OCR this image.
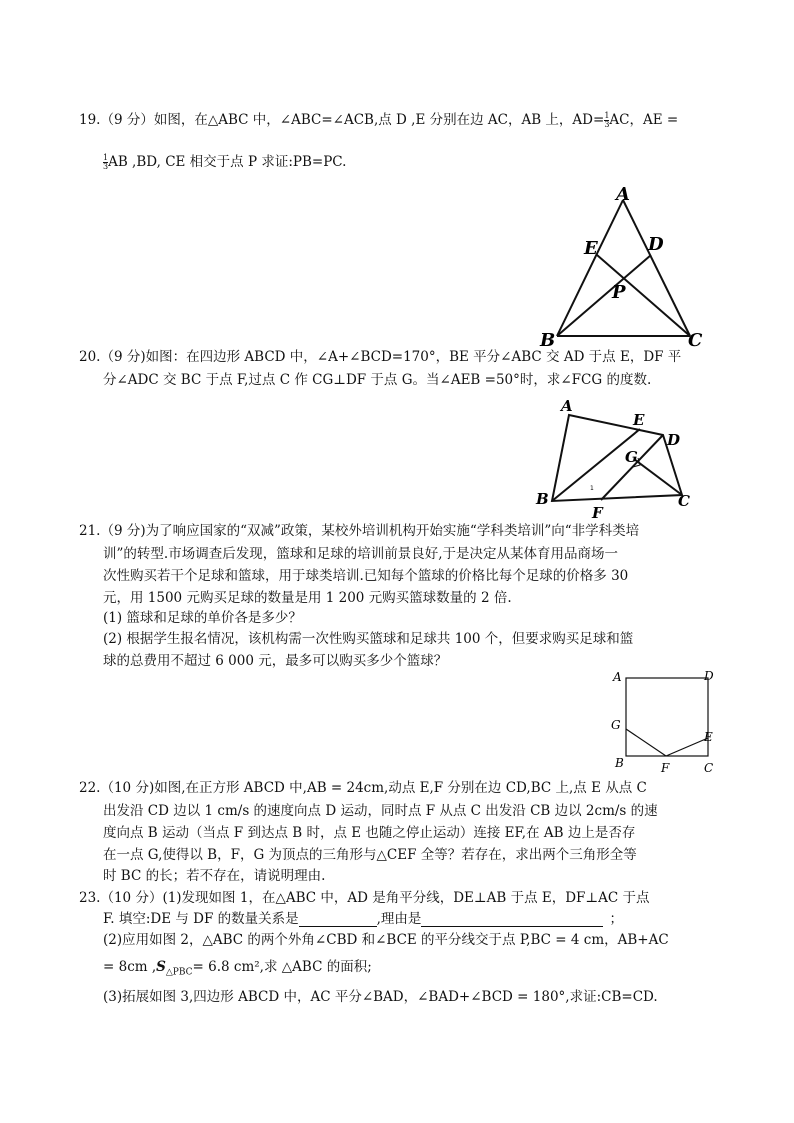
19.（9 分）如图，在△ABC 中，∠ABC=∠ACB,点 D ,E 分别在边 AC，AB 上，$AD= \frac{1}{3}$ AC，AE =
$\frac{1}{3}$ AB ,BD, CE 相交于点 P 求证:PB=PC.
A
E	D
P
B	C
20.（9 分)如图：在四边形 ABCD 中，∠A+∠BCD=170°，BE 平分∠ABC 交 AD 于点 E，DF 平
分∠ADC 交 BC 于点 F,过点 C 作 CG⊥DF 于点 G。当∠AEB =50°时，求∠FCG 的度数.
A
E
D
G
B	C
F
1
21.（9 分)为了响应国家的“双减”政策，某校外培训机构开始实施“学科类培训”向“非学科类培
训”的转型.市场调查后发现，篮球和足球的培训前景良好,于是决定从某体育用品商场一
次性购买若干个足球和篮球，用于球类培训.已知每个篮球的价格比每个足球的价格多 30
元，用 1500 元购买足球的数量是用 1 200 元购买篮球数量的 2 倍.
(1) 篮球和足球的单价各是多少？
(2) 根据学生报名情况，该机构需一次性购买篮球和足球共 100 个，但要求购买足球和篮
球的总费用不超过 6 000 元，最多可以购买多少个篮球？
A	D
G
E
B	F	C
22.（10 分)如图,在正方形 ABCD 中,AB = 24cm,动点 E,F 分别在边 CD,BC 上,点 E 从点 C
出发沿 CD 边以 1 cm/s 的速度向点 D 运动，同时点 F 从点 C 出发沿 CB 边以 2cm/s 的速
度向点 B 运动（当点 F 到达点 B 时，点 E 也随之停止运动）连接 EF,在 AB 边上是否存
在一点 G,使得以 B，F，G 为顶点的三角形与△CEF 全等？若存在，求出两个三角形全等
时 BC 的长；若不存在，请说明理由.
23.（10 分）(1)发现如图 1，在△ABC 中，AD 是角平分线，DE⊥AB 于点 E，DF⊥AC 于点
F. 填空:DE 与 DF 的数量关系是	,理由是	；
(2)应用如图 2，△ABC 的两个外角∠CBD 和∠BCE 的平分线交于点 P,BC = 4 cm，AB+AC
= 8cm $,S_{\triangle PBC}= 6.8$ cm²,求 △ABC 的面积;
(3)拓展如图 3,四边形 ABCD 中，AC 平分∠BAD，∠BAD+∠BCD = 180°,求证:CB=CD.
